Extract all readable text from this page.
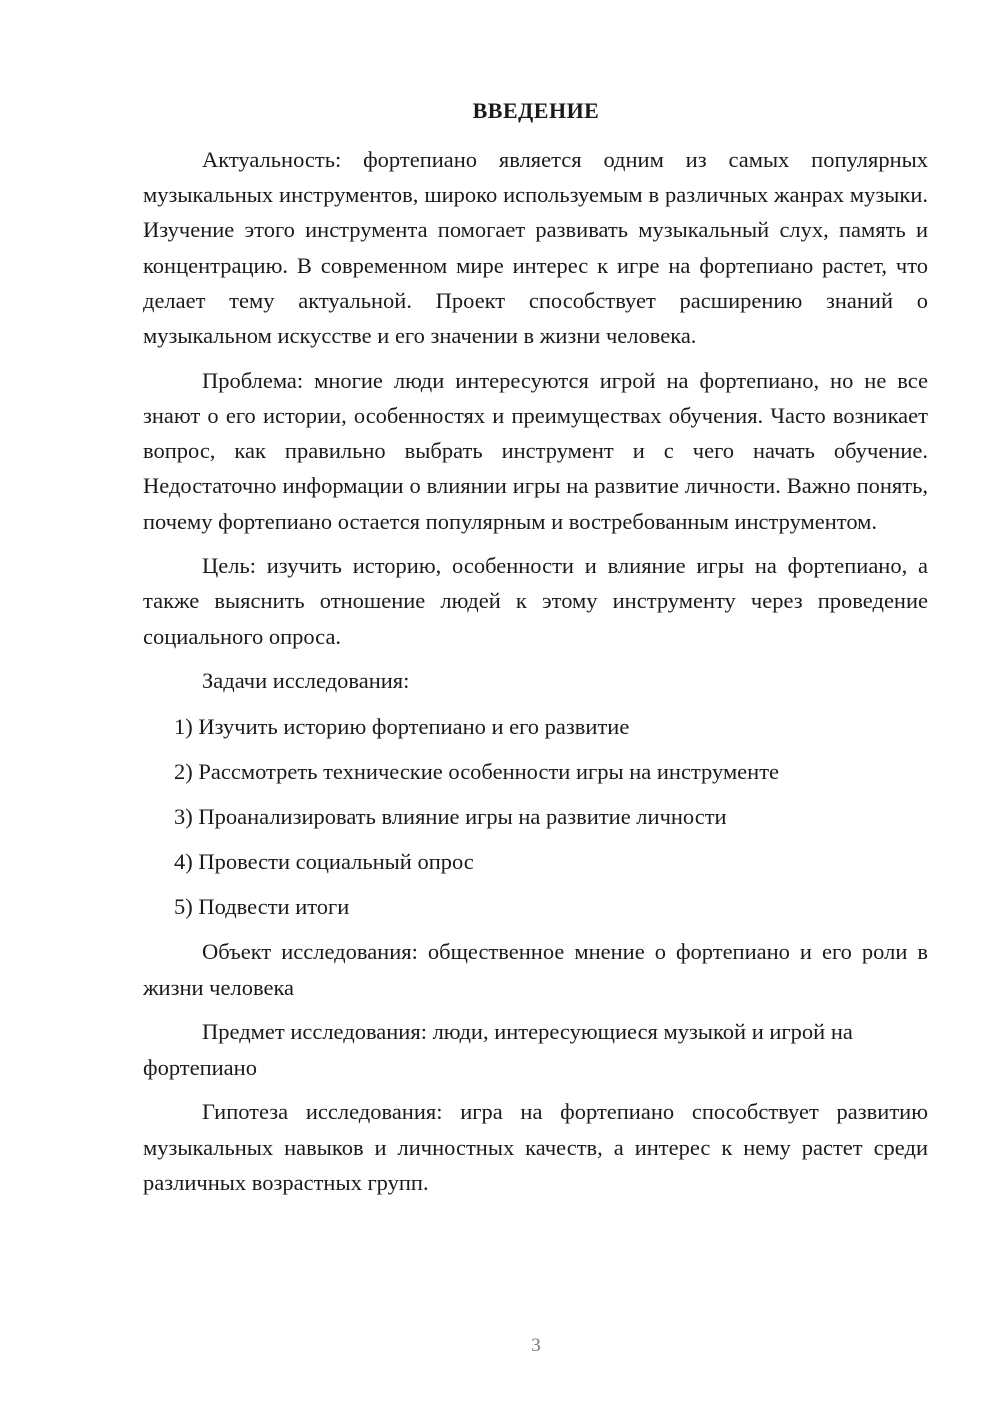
ВВЕДЕНИЕ

Актуальность: фортепиано является одним из самых популярных музыкальных инструментов, широко используемым в различных жанрах музыки. Изучение этого инструмента помогает развивать музыкальный слух, память и концентрацию. В современном мире интерес к игре на фортепиано растет, что делает тему актуальной. Проект способствует расширению знаний о музыкальном искусстве и его значении в жизни человека.

Проблема: многие люди интересуются игрой на фортепиано, но не все знают о его истории, особенностях и преимуществах обучения. Часто возникает вопрос, как правильно выбрать инструмент и с чего начать обучение. Недостаточно информации о влиянии игры на развитие личности. Важно понять, почему фортепиано остается популярным и востребованным инструментом.

Цель: изучить историю, особенности и влияние игры на фортепиано, а также выяснить отношение людей к этому инструменту через проведение социального опроса.

Задачи исследования:

1) Изучить историю фортепиано и его развитие
2) Рассмотреть технические особенности игры на инструменте
3) Проанализировать влияние игры на развитие личности
4) Провести социальный опрос
5) Подвести итоги

Объект исследования: общественное мнение о фортепиано и его роли в жизни человека

Предмет исследования: люди, интересующиеся музыкой и игрой на фортепиано

Гипотеза исследования: игра на фортепиано способствует развитию музыкальных навыков и личностных качеств, а интерес к нему растет среди различных возрастных групп.

3
